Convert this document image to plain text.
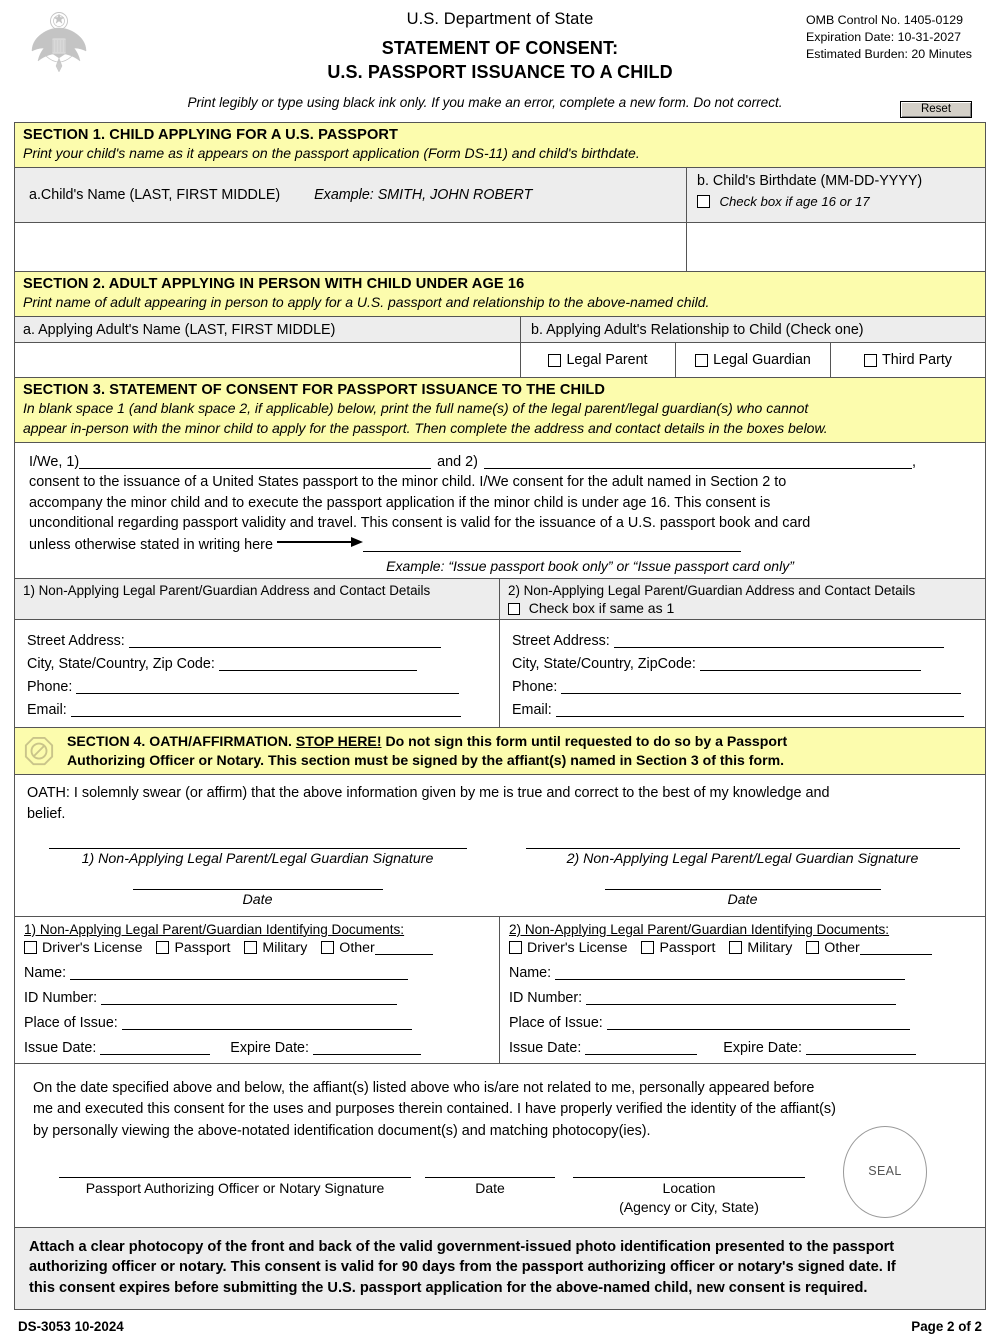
U.S. Department of State
STATEMENT OF CONSENT:
U.S. PASSPORT ISSUANCE TO A CHILD
OMB Control No. 1405-0129
Expiration Date: 10-31-2027
Estimated Burden: 20 Minutes
Print legibly or type using black ink only. If you make an error, complete a new form. Do not correct.	Reset
SECTION 1. CHILD APPLYING FOR A U.S. PASSPORT
Print your child's name as it appears on the passport application (Form DS-11) and child's birthdate.
a.Child's Name (LAST, FIRST MIDDLE) Example: SMITH, JOHN ROBERT
b. Child's Birthdate (MM-DD-YYYY)
Check box if age 16 or 17
SECTION 2. ADULT APPLYING IN PERSON WITH CHILD UNDER AGE 16
Print name of adult appearing in person to apply for a U.S. passport and relationship to the above-named child.
a. Applying Adult's Name (LAST, FIRST MIDDLE)	b. Applying Adult's Relationship to Child (Check one)
Legal Parent	Legal Guardian	Third Party
SECTION 3. STATEMENT OF CONSENT FOR PASSPORT ISSUANCE TO THE CHILD
In blank space 1 (and blank space 2, if applicable) below, print the full name(s) of the legal parent/legal guardian(s) who cannot
appear in-person with the minor child to apply for the passport. Then complete the address and contact details in the boxes below.
I/We, 1)	and 2)	,
consent to the issuance of a United States passport to the minor child. I/We consent for the adult named in Section 2 to
accompany the minor child and to execute the passport application if the minor child is under age 16. This consent is
unconditional regarding passport validity and travel. This consent is valid for the issuance of a U.S. passport book and card
unless otherwise stated in writing here
Example: “Issue passport book only” or “Issue passport card only”
1) Non-Applying Legal Parent/Guardian Address and Contact Details	2) Non-Applying Legal Parent/Guardian Address and Contact Details
Check box if same as 1
Street Address:
City, State/Country, Zip Code:
Phone:
Email:
Street Address:
City, State/Country, ZipCode:
Phone:
Email:
SECTION 4. OATH/AFFIRMATION. STOP HERE! Do not sign this form until requested to do so by a Passport
Authorizing Officer or Notary. This section must be signed by the affiant(s) named in Section 3 of this form.
OATH: I solemnly swear (or affirm) that the above information given by me is true and correct to the best of my knowledge and
belief.
1) Non-Applying Legal Parent/Legal Guardian Signature
Date
2) Non-Applying Legal Parent/Legal Guardian Signature
Date
1) Non-Applying Legal Parent/Guardian Identifying Documents:
Driver's License Passport Military Other
Name:
ID Number:
Place of Issue:
Issue Date:	Expire Date:
2) Non-Applying Legal Parent/Guardian Identifying Documents:
Driver's License Passport Military Other
Name:
ID Number:
Place of Issue:
Issue Date:	Expire Date:
On the date specified above and below, the affiant(s) listed above who is/are not related to me, personally appeared before
me and executed this consent for the uses and purposes therein contained. I have properly verified the identity of the affiant(s)
by personally viewing the above-notated identification document(s) and matching photocopy(ies).
SEAL
Passport Authorizing Officer or Notary Signature	Date	Location
(Agency or City, State)
Attach a clear photocopy of the front and back of the valid government-issued photo identification presented to the passport
authorizing officer or notary. This consent is valid for 90 days from the passport authorizing officer or notary's signed date. If
this consent expires before submitting the U.S. passport application for the above-named child, new consent is required.
DS-3053 10-2024	Page 2 of 2
